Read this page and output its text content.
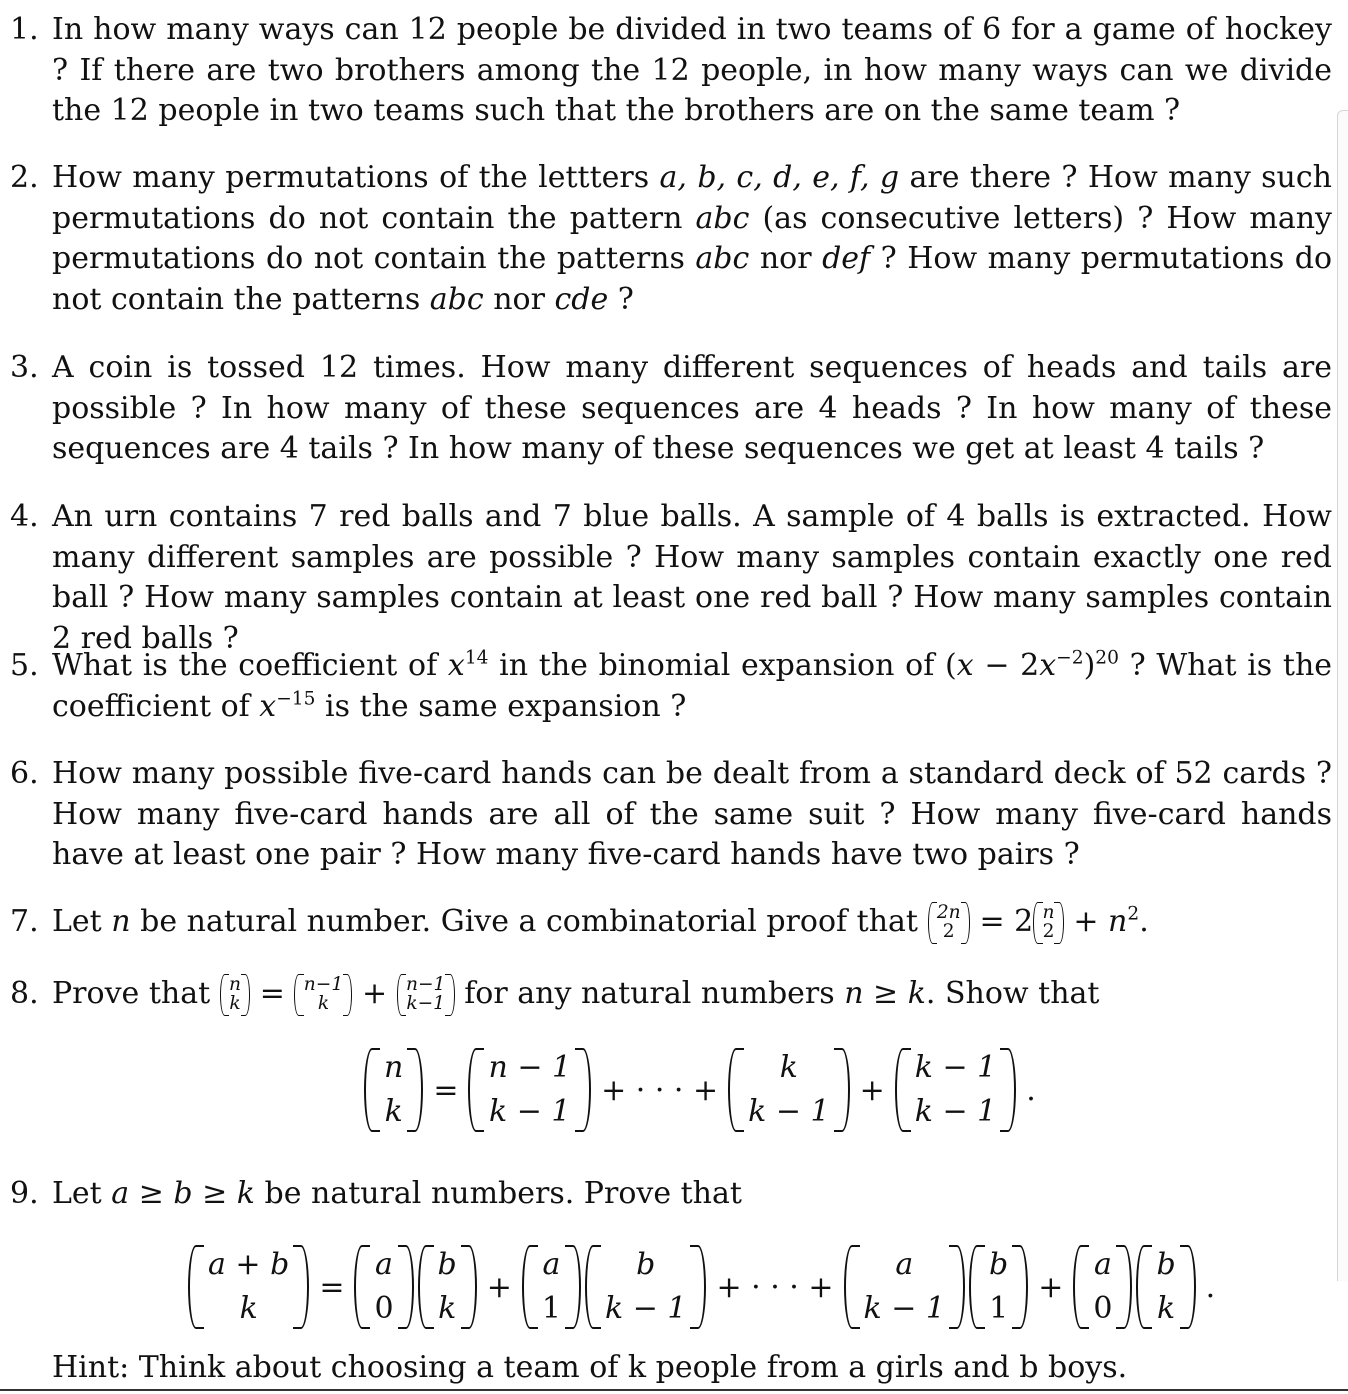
1. In how many ways can 12 people be divided in two teams of 6 for a game of hockey ? If there are two brothers among the 12 people, in how many ways can we divide the 12 people in two teams such that the brothers are on the same team ?

2. How many permutations of the lettters a, b, c, d, e, f, g are there ? How many such permutations do not contain the pattern abc (as consecutive letters) ? How many permutations do not contain the patterns abc nor def ? How many permutations do not contain the patterns abc nor cde ?

3. A coin is tossed 12 times. How many different sequences of heads and tails are possible ? In how many of these sequences are 4 heads ? In how many of these sequences are 4 tails ? In how many of these sequences we get at least 4 tails ?

4. An urn contains 7 red balls and 7 blue balls. A sample of 4 balls is extracted. How many different samples are possible ? How many samples contain exactly one red ball ? How many samples contain at least one red ball ? How many samples contain 2 red balls ?

5. What is the coefficient of $x^{14}$ in the binomial expansion of $(x - 2x^{-2})^{20}$ ? What is the coefficient of $x^{-15}$ is the same expansion ?

6. How many possible five-card hands can be dealt from a standard deck of 52 cards ? How many five-card hands are all of the same suit ? How many five-card hands have at least one pair ? How many five-card hands have two pairs ?

7. Let n be natural number. Give a combinatorial proof that 2n
2 = 2 n
$2 + n^2$.

8. Prove that n
k = n−1
k + n−1
k−1 for any natural numbers n ≥ k. Show that

n
k
=
n − 1
k − 1
+ · · · +
k
k − 1
+
k − 1
k − 1
.
9. Let a ≥ b ≥ k be natural numbers. Prove that

a + b
k
=
a
0
b
k
+
a
1
b
k − 1
+ · · · +
a
k − 1
b
1
+
a
0
b
k
.
Hint: Think about choosing a team of k people from a girls and b boys.
